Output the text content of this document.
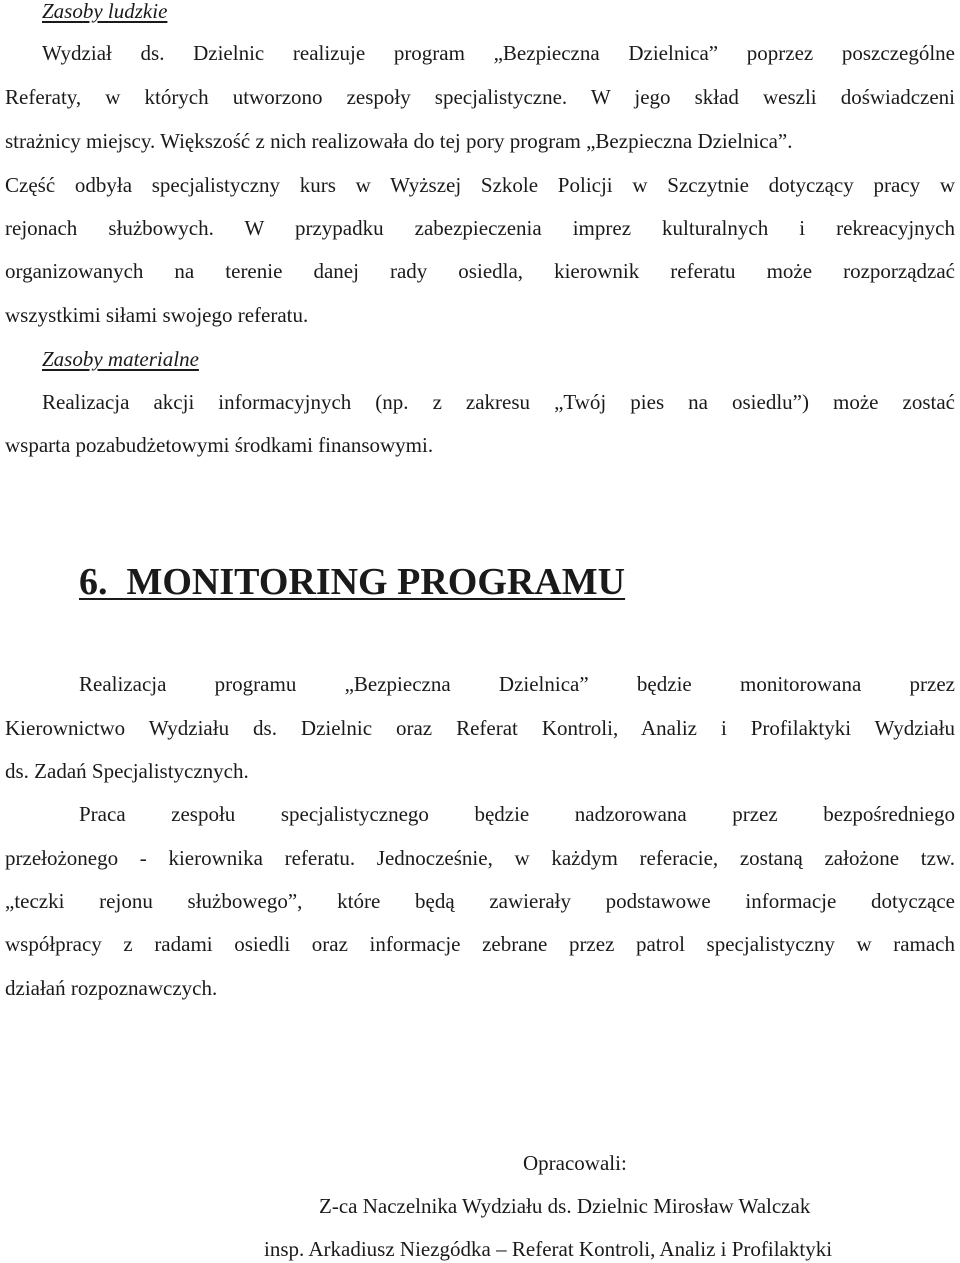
Zasoby ludzkie
Wydział ds. Dzielnic realizuje program „Bezpieczna Dzielnica” poprzez poszczególne
Referaty, w których utworzono zespoły specjalistyczne. W jego skład weszli doświadczeni
strażnicy miejscy. Większość z nich realizowała do tej pory program „Bezpieczna Dzielnica”.
Część odbyła specjalistyczny kurs w Wyższej Szkole Policji w Szczytnie dotyczący pracy w
rejonach służbowych. W przypadku zabezpieczenia imprez kulturalnych i rekreacyjnych
organizowanych na terenie danej rady osiedla, kierownik referatu może rozporządzać
wszystkimi siłami swojego referatu.
Zasoby materialne
Realizacja akcji informacyjnych (np. z zakresu „Twój pies na osiedlu”) może zostać
wsparta pozabudżetowymi środkami finansowymi.
6.  MONITORING PROGRAMU
Realizacja programu „Bezpieczna Dzielnica” będzie monitorowana przez
Kierownictwo Wydziału ds. Dzielnic oraz Referat Kontroli, Analiz i Profilaktyki Wydziału
ds. Zadań Specjalistycznych.
Praca zespołu specjalistycznego będzie nadzorowana przez bezpośredniego
przełożonego - kierownika referatu. Jednocześnie, w każdym referacie, zostaną założone tzw.
„teczki rejonu służbowego”, które będą zawierały podstawowe informacje dotyczące
współpracy z radami osiedli oraz informacje zebrane przez patrol specjalistyczny w ramach
działań rozpoznawczych.
Opracowali:
Z-ca Naczelnika Wydziału ds. Dzielnic Mirosław Walczak
insp. Arkadiusz Niezgódka – Referat Kontroli, Analiz i Profilaktyki
